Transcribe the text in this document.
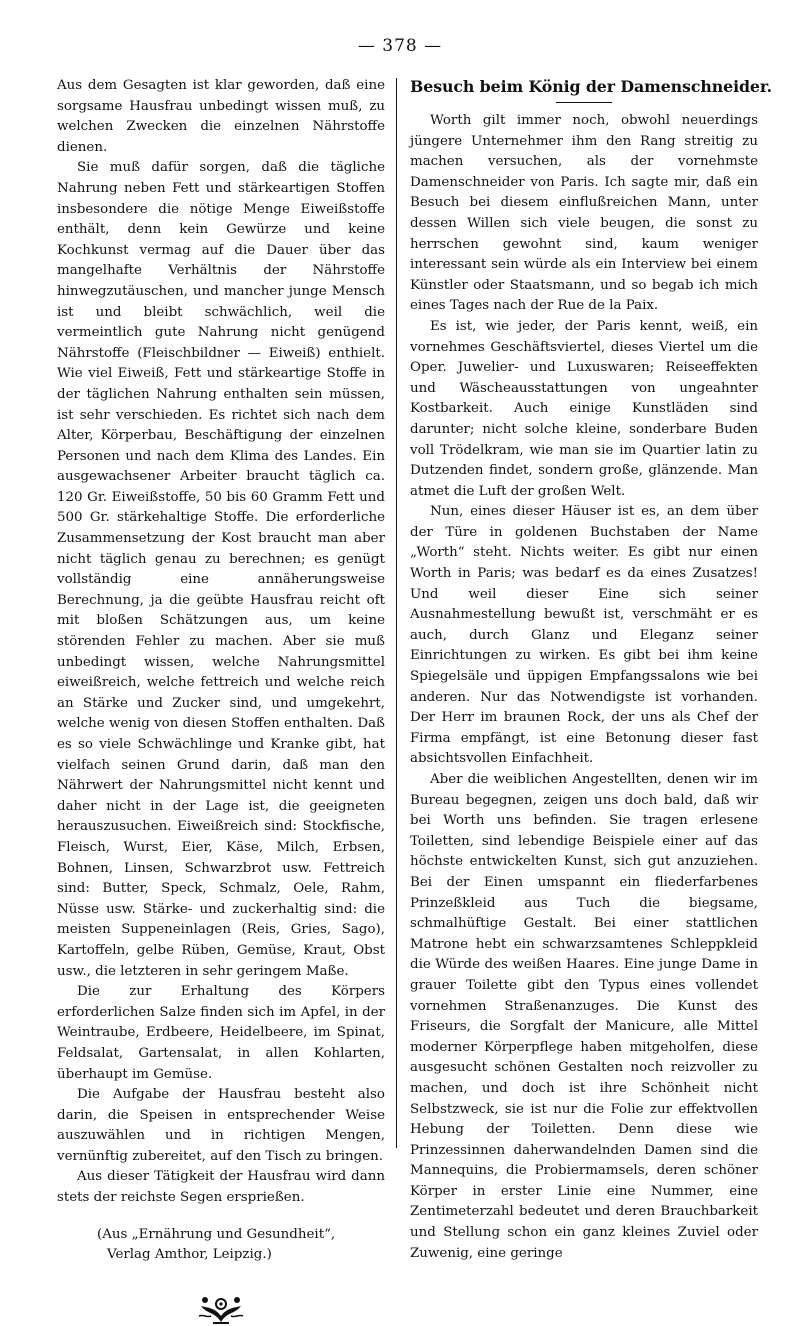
— 378 —

Aus dem Gesagten ist klar geworden, daß eine sorgsame Hausfrau unbedingt wissen muß, zu welchen Zwecken die einzelnen Nährstoffe dienen.

Sie muß dafür sorgen, daß die tägliche Nahrung neben Fett und stärkeartigen Stoffen insbesondere die nötige Menge Eiweißstoffe enthält, denn kein Gewürze und keine Kochkunst vermag auf die Dauer über das mangelhafte Verhältnis der Nährstoffe hinwegzutäuschen, und mancher junge Mensch ist und bleibt schwächlich, weil die vermeintlich gute Nahrung nicht genügend Nährstoffe (Fleischbildner — Eiweiß) enthielt. Wie viel Eiweiß, Fett und stärkeartige Stoffe in der täglichen Nahrung enthalten sein müssen, ist sehr verschieden. Es richtet sich nach dem Alter, Körperbau, Beschäftigung der einzelnen Personen und nach dem Klima des Landes. Ein ausgewachsener Arbeiter braucht täglich ca. 120 Gr. Eiweißstoffe, 50 bis 60 Gramm Fett und 500 Gr. stärkehaltige Stoffe. Die erforderliche Zusammensetzung der Kost braucht man aber nicht täglich genau zu berechnen; es genügt vollständig eine annäherungsweise Berechnung, ja die geübte Hausfrau reicht oft mit bloßen Schätzungen aus, um keine störenden Fehler zu machen. Aber sie muß unbedingt wissen, welche Nahrungsmittel eiweißreich, welche fettreich und welche reich an Stärke und Zucker sind, und umgekehrt, welche wenig von diesen Stoffen enthalten. Daß es so viele Schwächlinge und Kranke gibt, hat vielfach seinen Grund darin, daß man den Nährwert der Nahrungsmittel nicht kennt und daher nicht in der Lage ist, die geeigneten herauszusuchen. Eiweißreich sind: Stockfische, Fleisch, Wurst, Eier, Käse, Milch, Erbsen, Bohnen, Linsen, Schwarzbrot usw. Fettreich sind: Butter, Speck, Schmalz, Oele, Rahm, Nüsse usw. Stärke- und zuckerhaltig sind: die meisten Suppeneinlagen (Reis, Gries, Sago), Kartoffeln, gelbe Rüben, Gemüse, Kraut, Obst usw., die letzteren in sehr geringem Maße.

Die zur Erhaltung des Körpers erforderlichen Salze finden sich im Apfel, in der Weintraube, Erdbeere, Heidelbeere, im Spinat, Feldsalat, Gartensalat, in allen Kohlarten, überhaupt im Gemüse.

Die Aufgabe der Hausfrau besteht also darin, die Speisen in entsprechender Weise auszuwählen und in richtigen Mengen, vernünftig zubereitet, auf den Tisch zu bringen.

Aus dieser Tätigkeit der Hausfrau wird dann stets der reichste Segen ersprießen.

(Aus „Ernährung und Gesundheit“,
Verlag Amthor, Leipzig.)
Besuch beim König der Damenschneider.

Worth gilt immer noch, obwohl neuerdings jüngere Unternehmer ihm den Rang streitig zu machen versuchen, als der vornehmste Damenschneider von Paris. Ich sagte mir, daß ein Besuch bei diesem einflußreichen Mann, unter dessen Willen sich viele beugen, die sonst zu herrschen gewohnt sind, kaum weniger interessant sein würde als ein Interview bei einem Künstler oder Staatsmann, und so begab ich mich eines Tages nach der Rue de la Paix.

Es ist, wie jeder, der Paris kennt, weiß, ein vornehmes Geschäftsviertel, dieses Viertel um die Oper. Juwelier- und Luxuswaren; Reiseeffekten und Wäscheausstattungen von ungeahnter Kostbarkeit. Auch einige Kunstläden sind darunter; nicht solche kleine, sonderbare Buden voll Trödelkram, wie man sie im Quartier latin zu Dutzenden findet, sondern große, glänzende. Man atmet die Luft der großen Welt.

Nun, eines dieser Häuser ist es, an dem über der Türe in goldenen Buchstaben der Name „Worth“ steht. Nichts weiter. Es gibt nur einen Worth in Paris; was bedarf es da eines Zusatzes! Und weil dieser Eine sich seiner Ausnahmestellung bewußt ist, verschmäht er es auch, durch Glanz und Eleganz seiner Einrichtungen zu wirken. Es gibt bei ihm keine Spiegelsäle und üppigen Empfangssalons wie bei anderen. Nur das Notwendigste ist vorhanden. Der Herr im braunen Rock, der uns als Chef der Firma empfängt, ist eine Betonung dieser fast absichtsvollen Einfachheit.

Aber die weiblichen Angestellten, denen wir im Bureau begegnen, zeigen uns doch bald, daß wir bei Worth uns befinden. Sie tragen erlesene Toiletten, sind lebendige Beispiele einer auf das höchste entwickelten Kunst, sich gut anzuziehen. Bei der Einen umspannt ein fliederfarbenes Prinzeßkleid aus Tuch die biegsame, schmalhüftige Gestalt. Bei einer stattlichen Matrone hebt ein schwarzsamtenes Schleppkleid die Würde des weißen Haares. Eine junge Dame in grauer Toilette gibt den Typus eines vollendet vornehmen Straßenanzuges. Die Kunst des Friseurs, die Sorgfalt der Manicure, alle Mittel moderner Körperpflege haben mitgeholfen, diese ausgesucht schönen Gestalten noch reizvoller zu machen, und doch ist ihre Schönheit nicht Selbstzweck, sie ist nur die Folie zur effektvollen Hebung der Toiletten. Denn diese wie Prinzessinnen daherwandelnden Damen sind die Mannequins, die Probiermamsels, deren schöner Körper in erster Linie eine Nummer, eine Zentimeterzahl bedeutet und deren Brauchbarkeit und Stellung schon ein ganz kleines Zuviel oder Zuwenig, eine geringe
